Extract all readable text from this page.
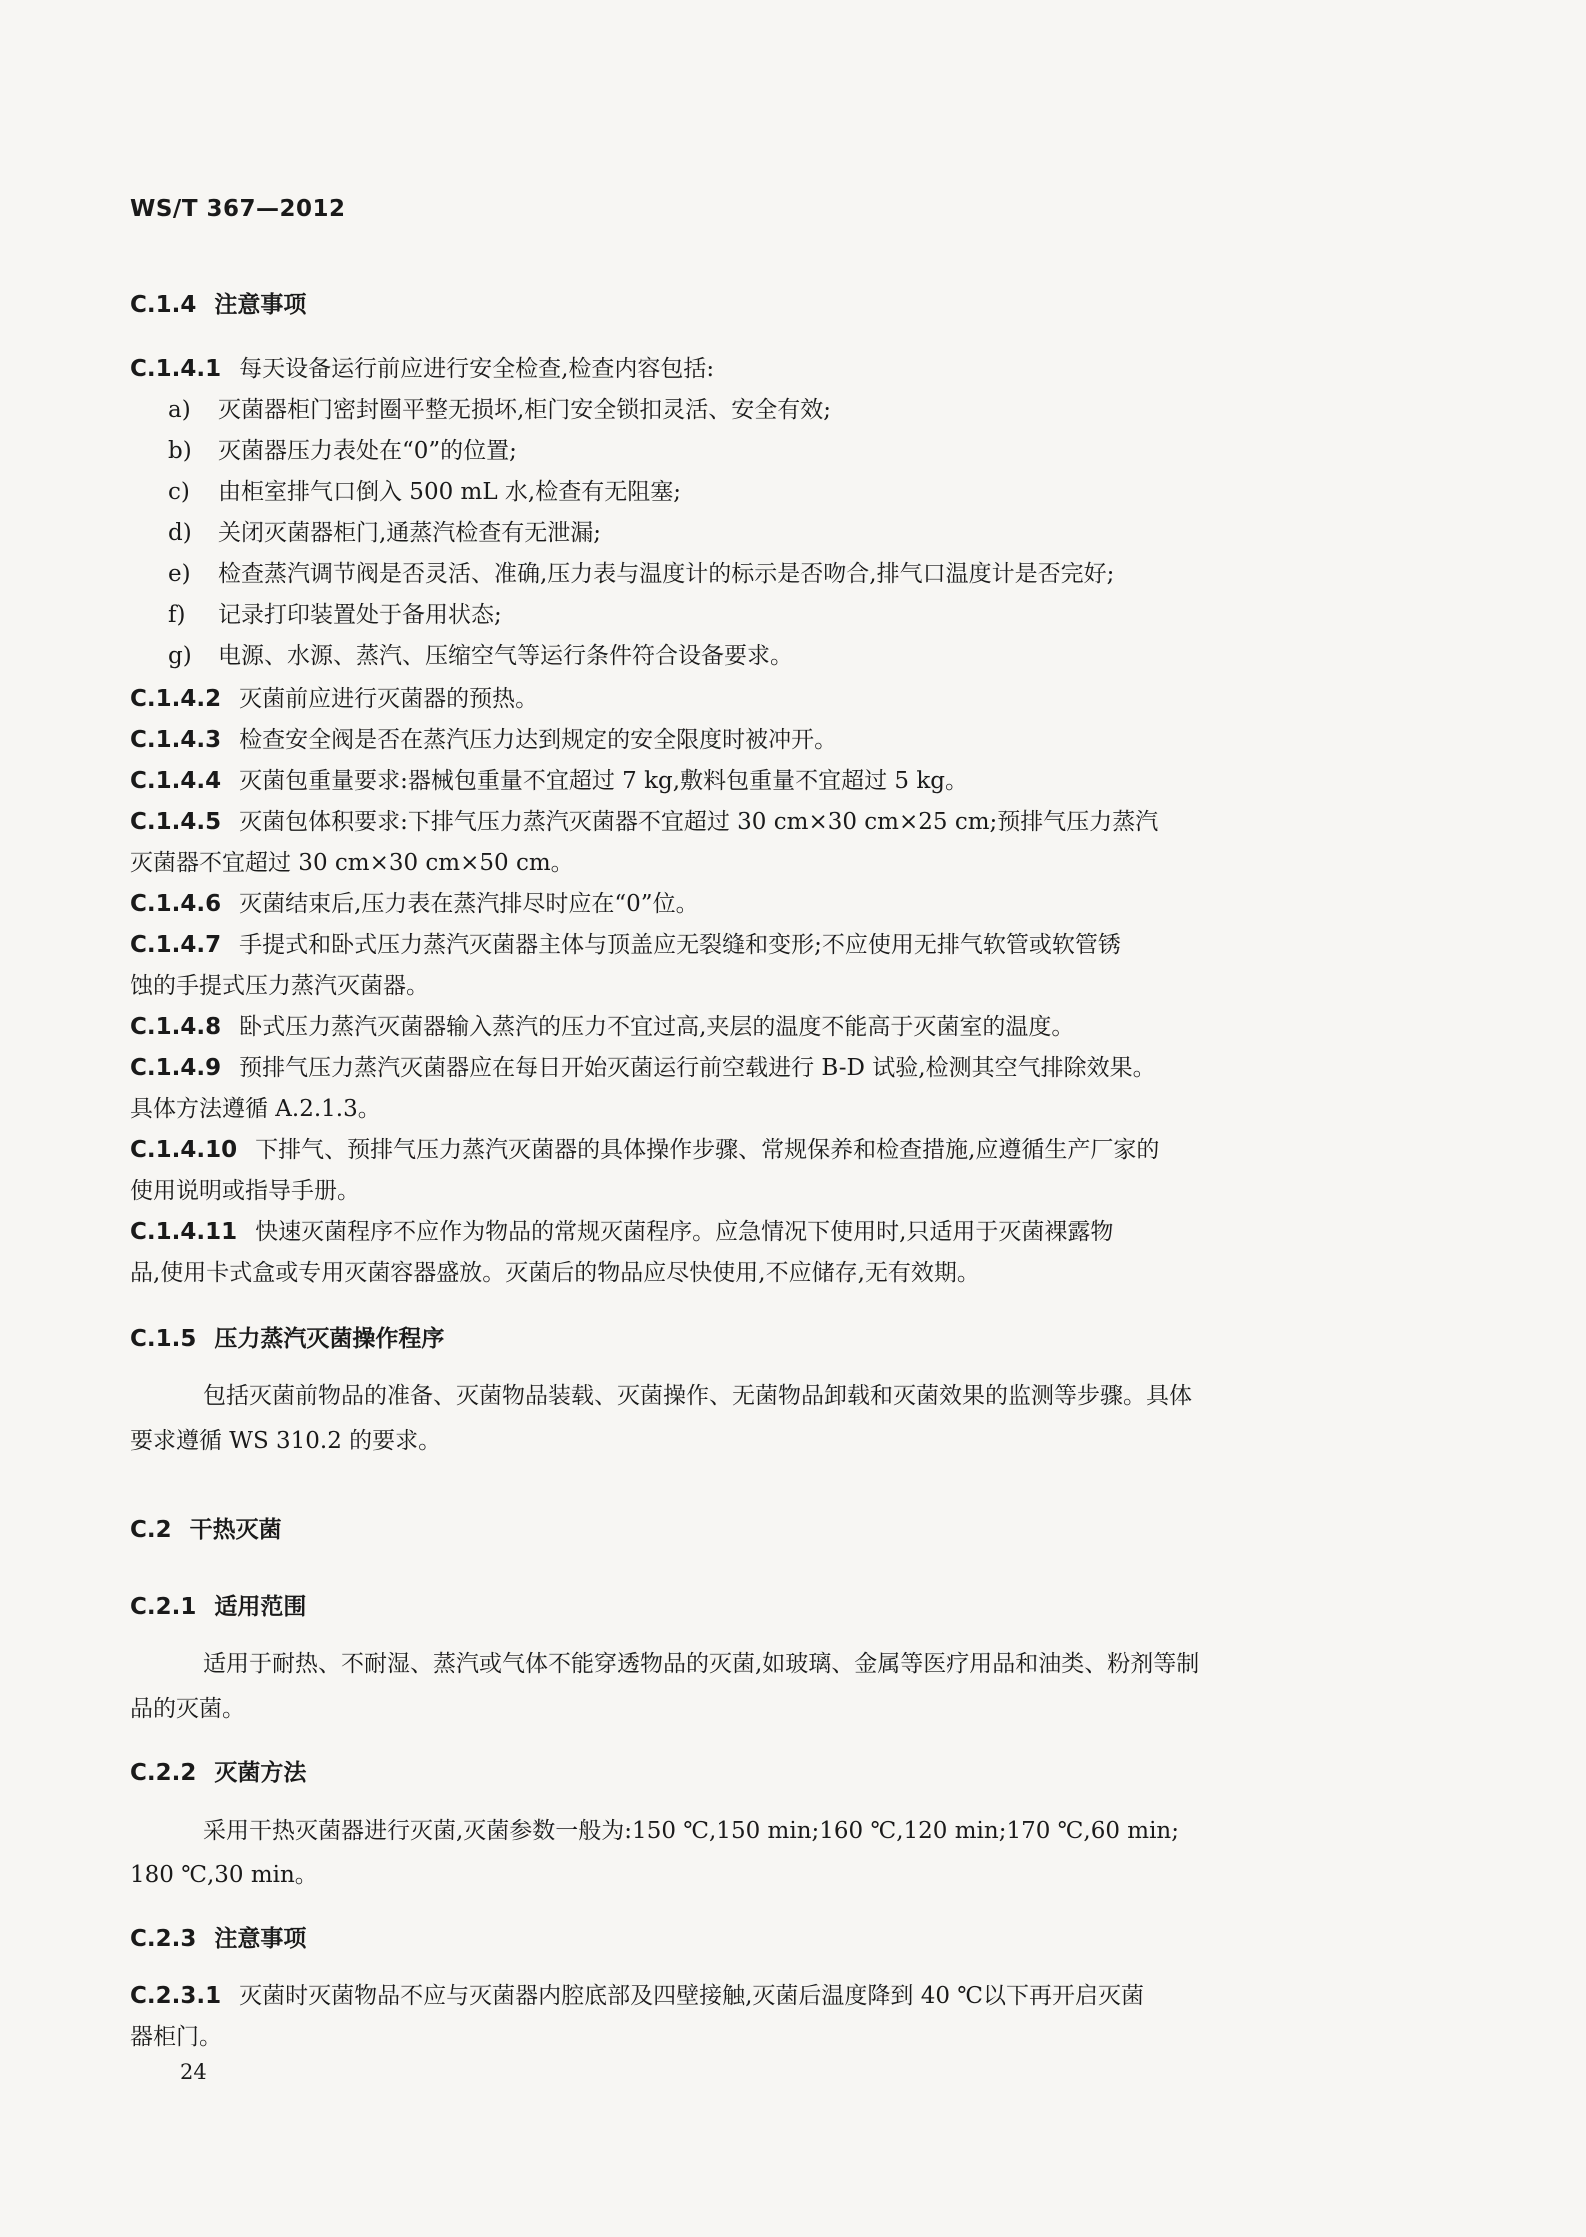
WS/T 367—2012
C.1.4 注意事项
C.1.4.1 每天设备运行前应进行安全检查,检查内容包括:
a) 灭菌器柜门密封圈平整无损坏,柜门安全锁扣灵活、安全有效;
b) 灭菌器压力表处在“0”的位置;
c) 由柜室排气口倒入 500 mL 水,检查有无阻塞;
d) 关闭灭菌器柜门,通蒸汽检查有无泄漏;
e) 检查蒸汽调节阀是否灵活、准确,压力表与温度计的标示是否吻合,排气口温度计是否完好;
f) 记录打印装置处于备用状态;
g) 电源、水源、蒸汽、压缩空气等运行条件符合设备要求。
C.1.4.2 灭菌前应进行灭菌器的预热。
C.1.4.3 检查安全阀是否在蒸汽压力达到规定的安全限度时被冲开。
C.1.4.4 灭菌包重量要求:器械包重量不宜超过 7 kg,敷料包重量不宜超过 5 kg。
C.1.4.5 灭菌包体积要求:下排气压力蒸汽灭菌器不宜超过 30 cm×30 cm×25 cm;预排气压力蒸汽
灭菌器不宜超过 30 cm×30 cm×50 cm。
C.1.4.6 灭菌结束后,压力表在蒸汽排尽时应在“0”位。
C.1.4.7 手提式和卧式压力蒸汽灭菌器主体与顶盖应无裂缝和变形;不应使用无排气软管或软管锈
蚀的手提式压力蒸汽灭菌器。
C.1.4.8 卧式压力蒸汽灭菌器输入蒸汽的压力不宜过高,夹层的温度不能高于灭菌室的温度。
C.1.4.9 预排气压力蒸汽灭菌器应在每日开始灭菌运行前空载进行 B-D 试验,检测其空气排除效果。
具体方法遵循 A.2.1.3。
C.1.4.10 下排气、预排气压力蒸汽灭菌器的具体操作步骤、常规保养和检查措施,应遵循生产厂家的
使用说明或指导手册。
C.1.4.11 快速灭菌程序不应作为物品的常规灭菌程序。应急情况下使用时,只适用于灭菌裸露物
品,使用卡式盒或专用灭菌容器盛放。灭菌后的物品应尽快使用,不应储存,无有效期。
C.1.5 压力蒸汽灭菌操作程序
包括灭菌前物品的准备、灭菌物品装载、灭菌操作、无菌物品卸载和灭菌效果的监测等步骤。具体
要求遵循 WS 310.2 的要求。
C.2 干热灭菌
C.2.1 适用范围
适用于耐热、不耐湿、蒸汽或气体不能穿透物品的灭菌,如玻璃、金属等医疗用品和油类、粉剂等制
品的灭菌。
C.2.2 灭菌方法
采用干热灭菌器进行灭菌,灭菌参数一般为:150 ℃,150 min;160 ℃,120 min;170 ℃,60 min;
180 ℃,30 min。
C.2.3 注意事项
C.2.3.1 灭菌时灭菌物品不应与灭菌器内腔底部及四壁接触,灭菌后温度降到 40 ℃以下再开启灭菌
器柜门。
24
